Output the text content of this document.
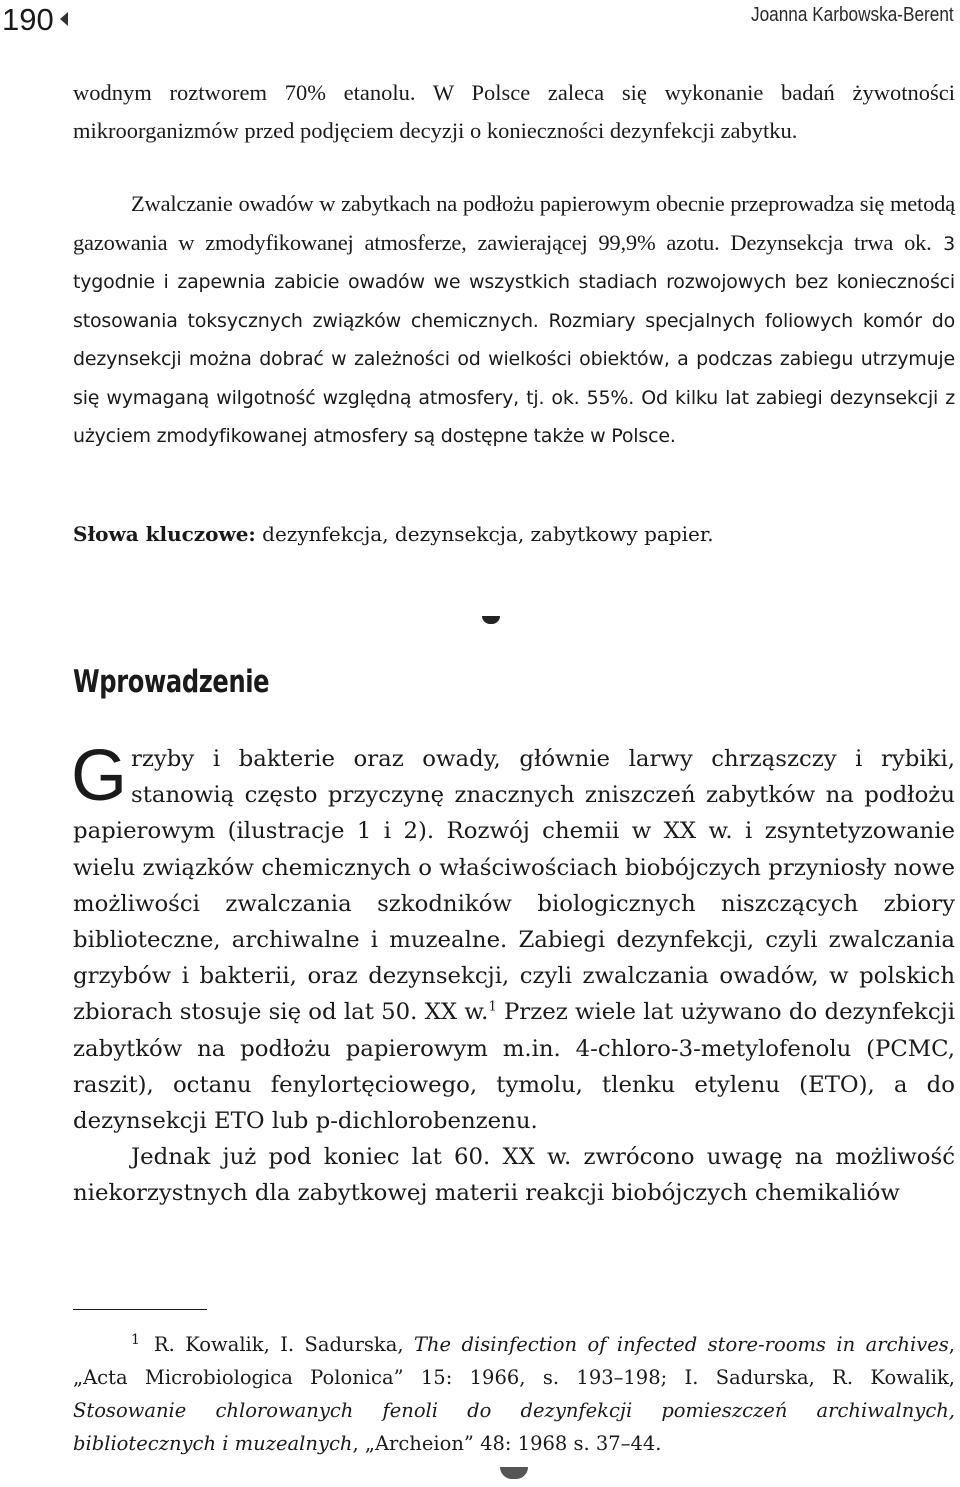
190	Joanna Karbowska-Berent
wodnym roztworem 70% etanolu. W Polsce zaleca się wykonanie badań żywotności mikroorganizmów przed podjęciem decyzji o konieczności dezynfekcji zabytku.
Zwalczanie owadów w zabytkach na podłożu papierowym obecnie przeprowadza się metodą gazowania w zmodyfikowanej atmosferze, zawierającej 99,9% azotu. Dezynsekcja trwa ok. 3 tygodnie i zapewnia zabicie owadów we wszystkich stadiach rozwojowych bez konieczności stosowania toksycznych związków chemicznych. Rozmiary specjalnych foliowych komór do dezynsekcji można dobrać w zależności od wielkości obiektów, a podczas zabiegu utrzymuje się wymaganą wilgotność względną atmosfery, tj. ok. 55%. Od kilku lat zabiegi dezynsekcji z użyciem zmodyfikowanej atmosfery są dostępne także w Polsce.
Słowa kluczowe: dezynfekcja, dezynsekcja, zabytkowy papier.
Wprowadzenie
Grzyby i bakterie oraz owady, głównie larwy chrząszczy i rybiki, stanowią często przyczynę znacznych zniszczeń zabytków na podłożu papierowym (ilustracje 1 i 2). Rozwój chemii w XX w. i zsyntetyzowanie wielu związków chemicznych o właściwościach biobójczych przyniosły nowe możliwości zwalczania szkodników biologicznych niszczących zbiory biblioteczne, archiwalne i muzealne. Zabiegi dezynfekcji, czyli zwalczania grzybów i bakterii, oraz dezynsekcji, czyli zwalczania owadów, w polskich zbiorach stosuje się od lat 50. XX w.$^1$ Przez wiele lat używano do dezynfekcji zabytków na podłożu papierowym m.in. 4-chloro-3-metylofenolu (PCMC, raszit), octanu fenylortęciowego, tymolu, tlenku etylenu (ETO), a do dezynsekcji ETO lub p-dichlorobenzenu.
Jednak już pod koniec lat 60. XX w. zwrócono uwagę na możliwość niekorzystnych dla zabytkowej materii reakcji biobójczych chemikaliów
$^1$ R. Kowalik, I. Sadurska, The disinfection of infected store-rooms in archives, „Acta Microbiologica Polonica” 15: 1966, s. 193–198; I. Sadurska, R. Kowalik, Stosowanie chlorowanych fenoli do dezynfekcji pomieszczeń archiwalnych, bibliotecznych i muzealnych, „Archeion” 48: 1968 s. 37–44.
